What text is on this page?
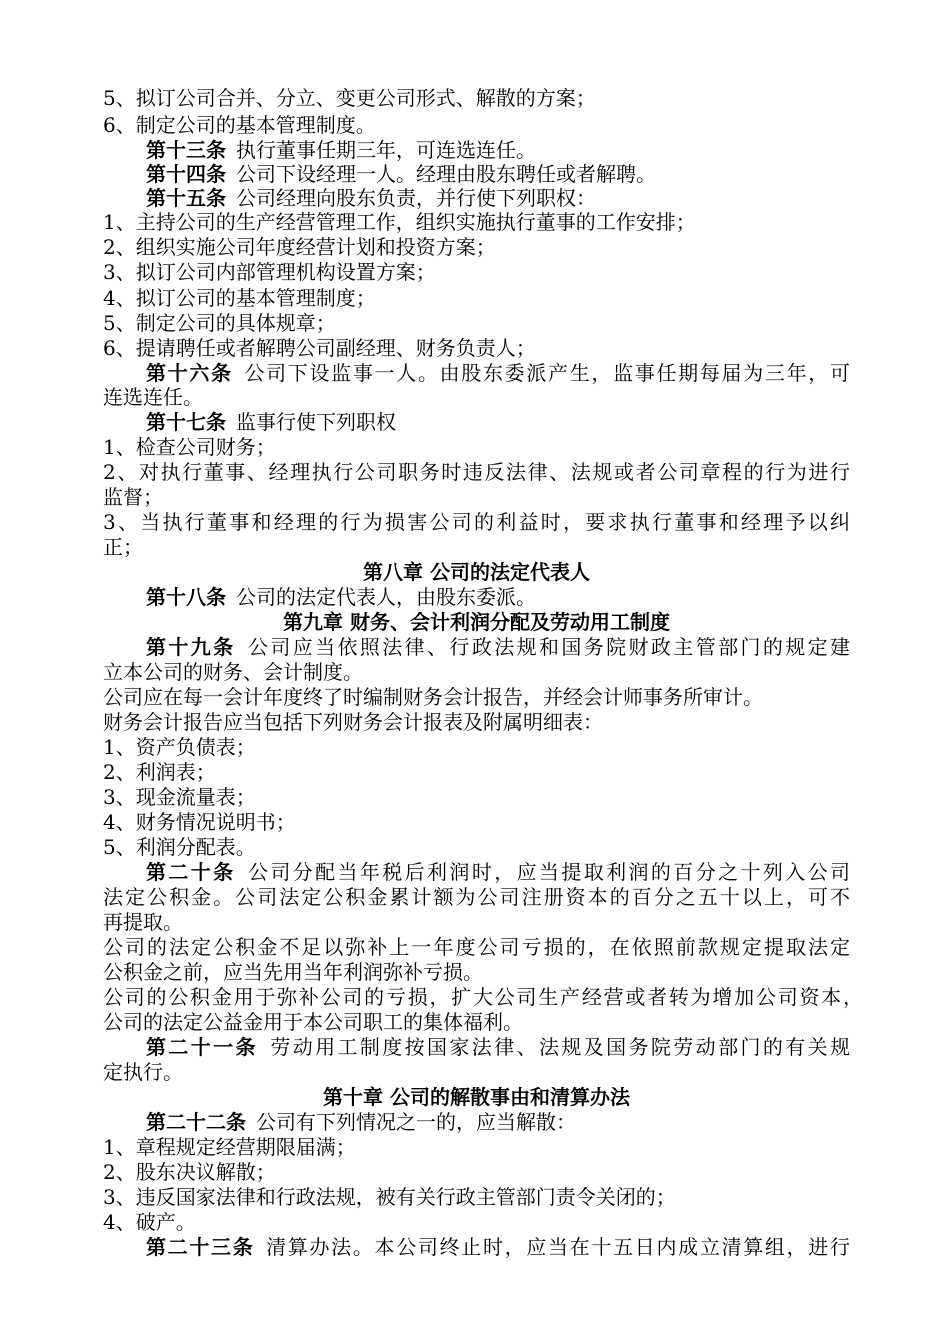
5、拟订公司合并、分立、变更公司形式、解散的方案；
6、制定公司的基本管理制度。
第十三条  执行董事任期三年，可连选连任。
第十四条  公司下设经理一人。经理由股东聘任或者解聘。
第十五条  公司经理向股东负责，并行使下列职权：
1、主持公司的生产经营管理工作，组织实施执行董事的工作安排；
2、组织实施公司年度经营计划和投资方案；
3、拟订公司内部管理机构设置方案；
4、拟订公司的基本管理制度；
5、制定公司的具体规章；
6、提请聘任或者解聘公司副经理、财务负责人；
第十六条  公司下设监事一人。由股东委派产生，监事任期每届为三年，可
连选连任。
第十七条  监事行使下列职权
1、检查公司财务；
2、对执行董事、经理执行公司职务时违反法律、法规或者公司章程的行为进行
监督；
3、当执行董事和经理的行为损害公司的利益时，要求执行董事和经理予以纠
正；
第八章 公司的法定代表人
第十八条  公司的法定代表人，由股东委派。
第九章 财务、会计利润分配及劳动用工制度
第十九条  公司应当依照法律、行政法规和国务院财政主管部门的规定建
立本公司的财务、会计制度。
公司应在每一会计年度终了时编制财务会计报告，并经会计师事务所审计。
财务会计报告应当包括下列财务会计报表及附属明细表：
1、资产负债表；
2、利润表；
3、现金流量表；
4、财务情况说明书；
5、利润分配表。
第二十条  公司分配当年税后利润时，应当提取利润的百分之十列入公司
法定公积金。公司法定公积金累计额为公司注册资本的百分之五十以上，可不
再提取。
公司的法定公积金不足以弥补上一年度公司亏损的，在依照前款规定提取法定
公积金之前，应当先用当年利润弥补亏损。
公司的公积金用于弥补公司的亏损，扩大公司生产经营或者转为增加公司资本，
公司的法定公益金用于本公司职工的集体福利。
第二十一条  劳动用工制度按国家法律、法规及国务院劳动部门的有关规
定执行。
第十章 公司的解散事由和清算办法
第二十二条  公司有下列情况之一的，应当解散：
1、章程规定经营期限届满；
2、股东决议解散；
3、违反国家法律和行政法规，被有关行政主管部门责令关闭的；
4、破产。
第二十三条  清算办法。本公司终止时，应当在十五日内成立清算组，进行
